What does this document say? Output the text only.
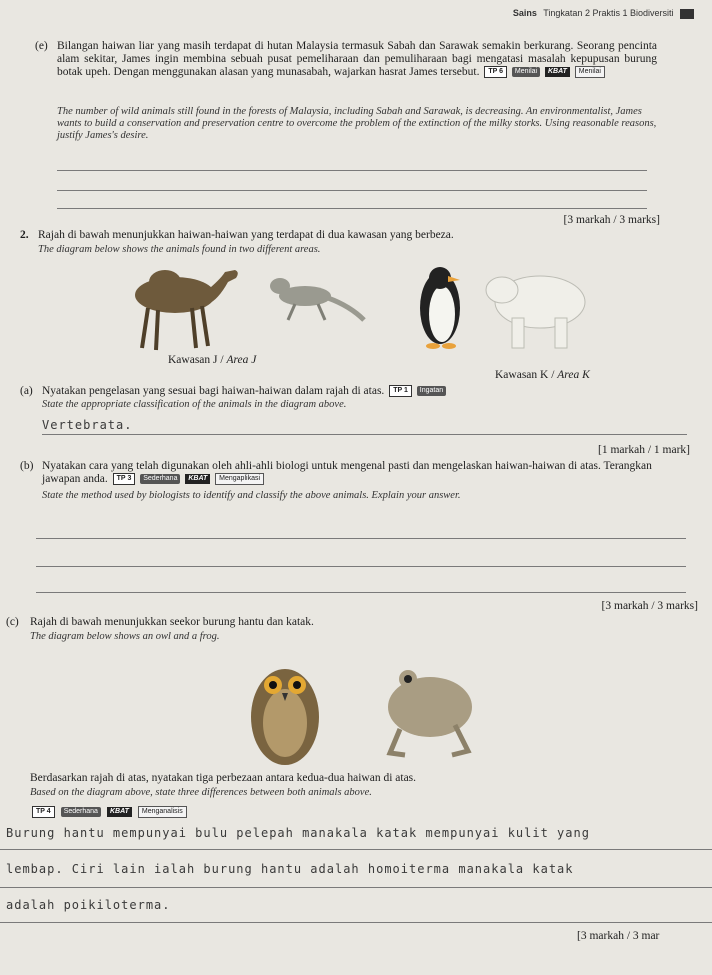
Sains Tingkatan 2 Praktis 1 Biodiversiti
(e) Bilangan haiwan liar yang masih terdapat di hutan Malaysia termasuk Sabah dan Sarawak semakin berkurang. Seorang pencinta alam sekitar, James ingin membina sebuah pusat pemeliharaan dan pemuliharaan bagi mengatasi masalah kepupusan burung botak upeh. Dengan menggunakan alasan yang munasabah, wajarkan hasrat James tersebut. TP 6 Menilai KBAT Menilai
The number of wild animals still found in the forests of Malaysia, including Sabah and Sarawak, is decreasing. An environmentalist, James wants to build a conservation and preservation centre to overcome the problem of the extinction of the milky storks. Using reasonable reasons, justify James's desire.
[3 markah / 3 marks]
2. Rajah di bawah menunjukkan haiwan-haiwan yang terdapat di dua kawasan yang berbeza.
The diagram below shows the animals found in two different areas.
Kawasan J / Area J
Kawasan K / Area K
(a) Nyatakan pengelasan yang sesuai bagi haiwan-haiwan dalam rajah di atas. TP 1 Ingatan
State the appropriate classification of the animals in the diagram above.
Vertebrata.
[1 markah / 1 mark]
(b) Nyatakan cara yang telah digunakan oleh ahli-ahli biologi untuk mengenal pasti dan mengelaskan haiwan-haiwan di atas. Terangkan jawapan anda. TP 3 Sederhana KBAT Mengaplikasi
State the method used by biologists to identify and classify the above animals. Explain your answer.
[3 markah / 3 marks]
(c) Rajah di bawah menunjukkan seekor burung hantu dan katak.
The diagram below shows an owl and a frog.
Berdasarkan rajah di atas, nyatakan tiga perbezaan antara kedua-dua haiwan di atas.
Based on the diagram above, state three differences between both animals above.
TP 4 Sederhana KBAT Menganalisis
Burung hantu mempunyai bulu pelepah manakala katak mempunyai kulit yang
lembap. Ciri lain ialah burung hantu adalah homoiterma manakala katak
adalah poikiloterma.
[3 markah / 3 mar
